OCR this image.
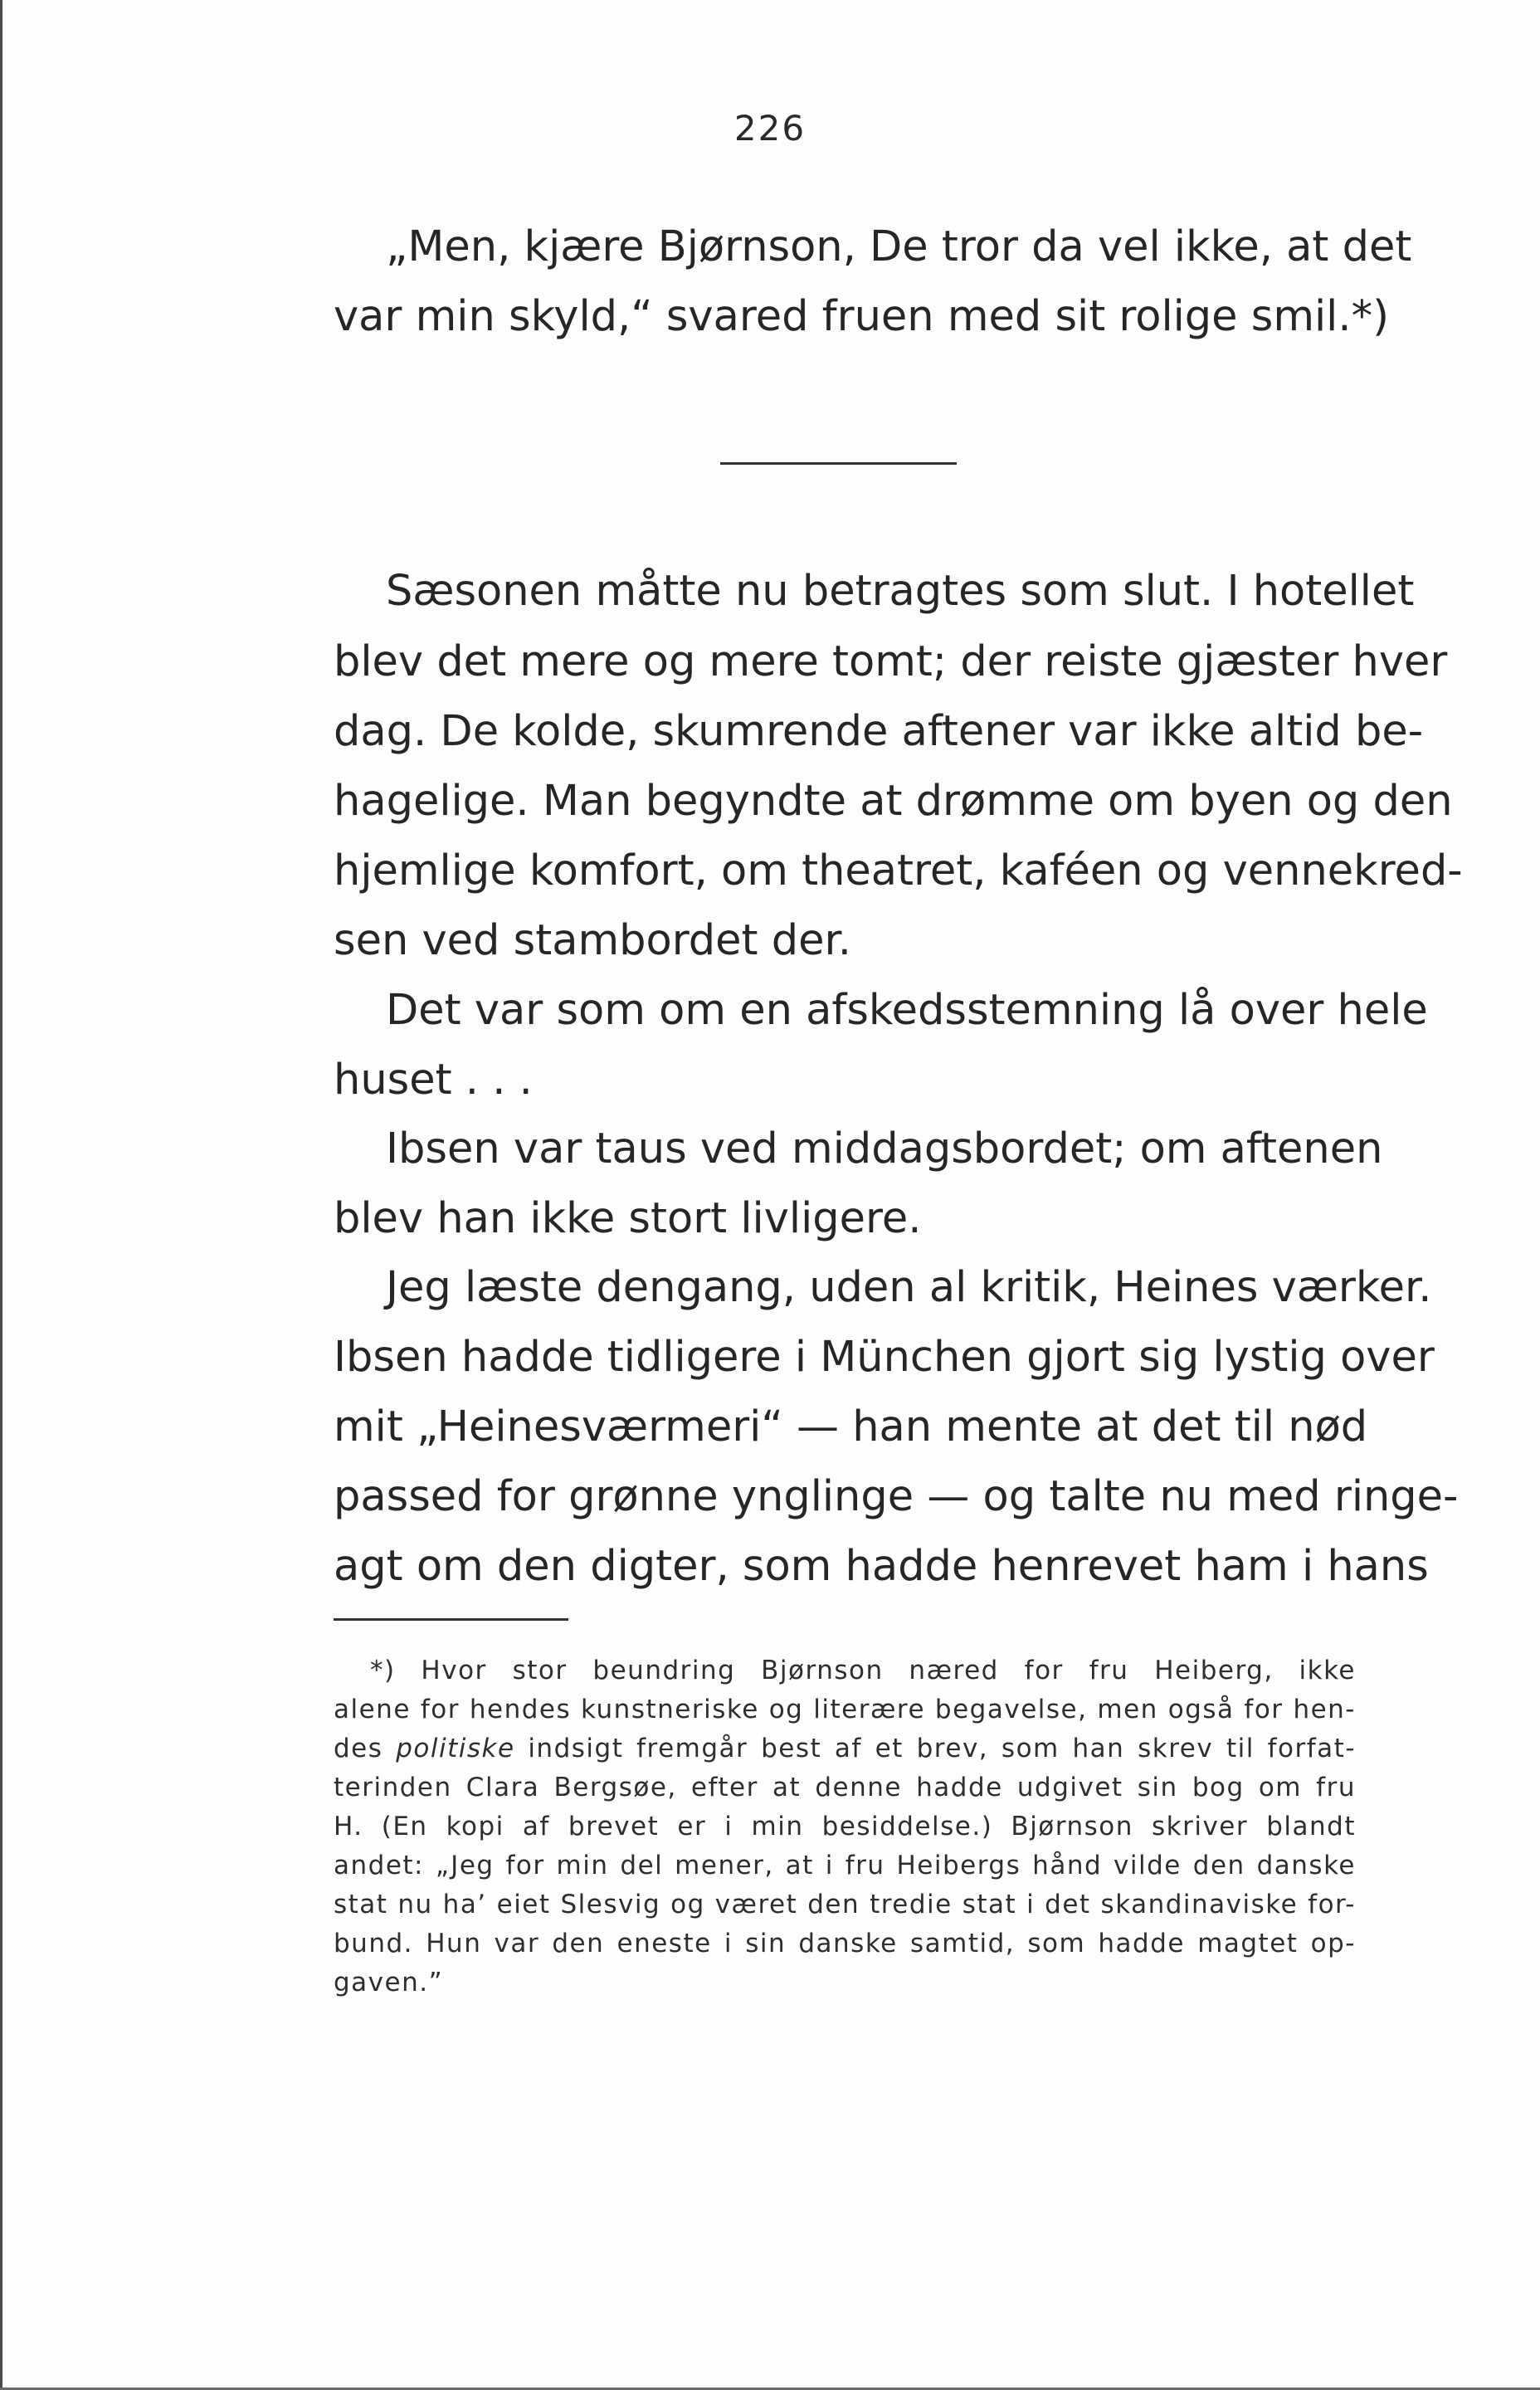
226
„Men, kjære Bjørnson, De tror da vel ikke, at det
var min skyld,“ svared fruen med sit rolige smil.*)
Sæsonen måtte nu betragtes som slut. I hotellet
blev det mere og mere tomt; der reiste gjæster hver
dag. De kolde, skumrende aftener var ikke altid be-
hagelige. Man begyndte at drømme om byen og den
hjemlige komfort, om theatret, kaféen og vennekred-
sen ved stambordet der.
Det var som om en afskedsstemning lå over hele
huset . . .
Ibsen var taus ved middagsbordet; om aftenen
blev han ikke stort livligere.
Jeg læste dengang, uden al kritik, Heines værker.
Ibsen hadde tidligere i München gjort sig lystig over
mit „Heinesværmeri“ — han mente at det til nød
passed for grønne ynglinge — og talte nu med ringe-
agt om den digter, som hadde henrevet ham i hans
*) Hvor stor beundring Bjørnson næred for fru Heiberg, ikke
alene for hendes kunstneriske og literære begavelse, men også for hen-
des politiske indsigt fremgår best af et brev, som han skrev til forfat-
terinden Clara Bergsøe, efter at denne hadde udgivet sin bog om fru
H. (En kopi af brevet er i min besiddelse.) Bjørnson skriver blandt
andet: „Jeg for min del mener, at i fru Heibergs hånd vilde den danske
stat nu ha’ eiet Slesvig og været den tredie stat i det skandinaviske for-
bund. Hun var den eneste i sin danske samtid, som hadde magtet op-
gaven.”
